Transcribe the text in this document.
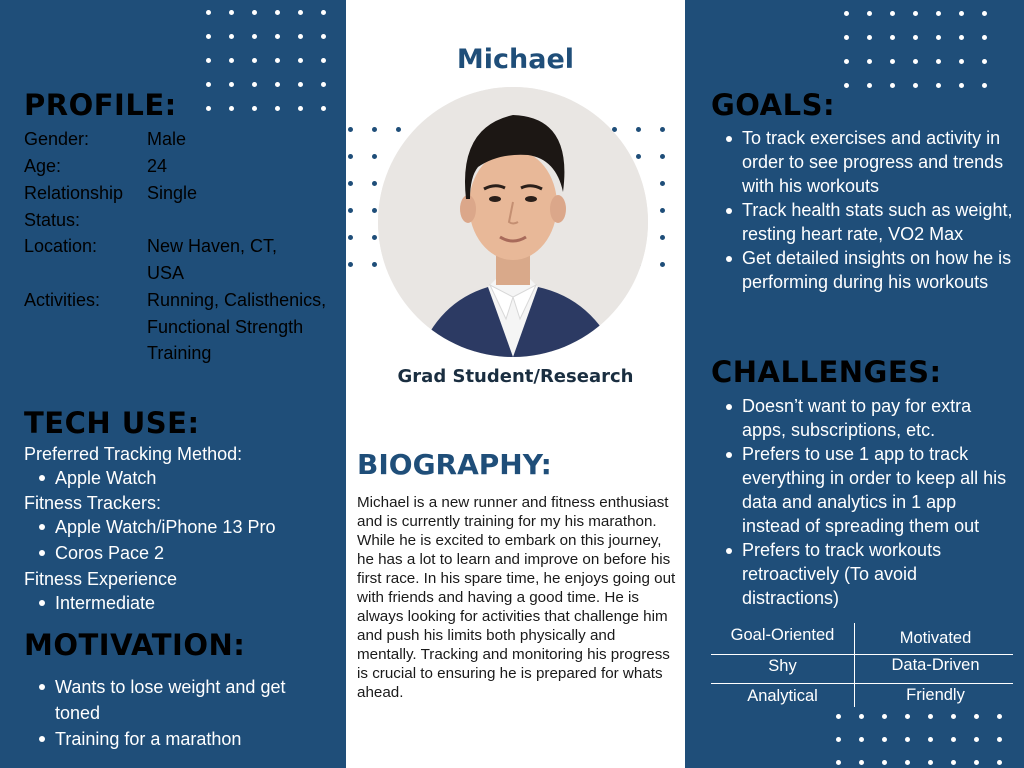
PROFILE:
Gender:	Male
Age:	24
Relationship Status:
Single
Location:	New Haven, CT, USA
Activities:	Running, Calisthenics, Functional Strength Training
TECH USE:
Preferred Tracking Method:
Apple Watch
Fitness Trackers:
Apple Watch/iPhone 13 Pro
Coros Pace 2
Fitness Experience
Intermediate
MOTIVATION:
Wants to lose weight and get toned
Training for a marathon
Michael
Grad Student/Research
BIOGRAPHY:
Michael is a new runner and fitness enthusiast and is currently training for my his marathon. While he is excited to embark on this journey, he has a lot to learn and improve on before his first race. In his spare time, he enjoys going out with friends and having a good time. He is always looking for activities that challenge him and push his limits both physically and mentally. Tracking and monitoring his progress is crucial to ensuring he is prepared for whats ahead.
GOALS:
To track exercises and activity in order to see progress and trends with his workouts
Track health stats such as weight, resting heart rate, VO2 Max
Get detailed insights on how he is performing during his workouts
CHALLENGES:
Doesn’t want to pay for extra apps, subscriptions, etc.
Prefers to use 1 app to track everything in order to keep all his data and analytics in 1 app instead of spreading them out
Prefers to track workouts retroactively (To avoid distractions)
Goal-Oriented	Motivated
Shy	Data-Driven
Analytical	Friendly
